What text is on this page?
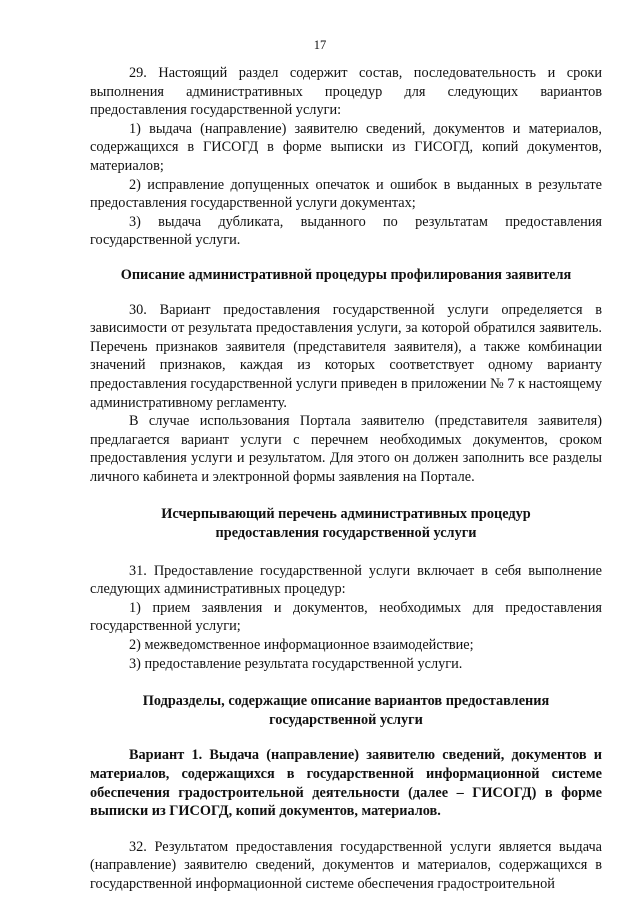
17

29. Настоящий раздел содержит состав, последовательность и сроки выполнения административных процедур для следующих вариантов предоставления государственной услуги:

1) выдача (направление) заявителю сведений, документов и материалов, содержащихся в ГИСОГД в форме выписки из ГИСОГД, копий документов, материалов;

2) исправление допущенных опечаток и ошибок в выданных в результате предоставления государственной услуги документах;

3) выдача дубликата, выданного по результатам предоставления государственной услуги.

Описание административной процедуры профилирования заявителя

30. Вариант предоставления государственной услуги определяется в зависимости от результата предоставления услуги, за которой обратился заявитель. Перечень признаков заявителя (представителя заявителя), а также комбинации значений признаков, каждая из которых соответствует одному варианту предоставления государственной услуги приведен в приложении № 7 к настоящему административному регламенту.

В случае использования Портала заявителю (представителя заявителя) предлагается вариант услуги с перечнем необходимых документов, сроком предоставления услуги и результатом. Для этого он должен заполнить все разделы личного кабинета и электронной формы заявления на Портале.

Исчерпывающий перечень административных процедур

предоставления государственной услуги

31. Предоставление государственной услуги включает в себя выполнение следующих административных процедур:

1) прием заявления и документов, необходимых для предоставления государственной услуги;

2) межведомственное информационное взаимодействие;

3) предоставление результата государственной услуги.

Подразделы, содержащие описание вариантов предоставления

государственной услуги

Вариант 1. Выдача (направление) заявителю сведений, документов и материалов, содержащихся в государственной информационной системе обеспечения градостроительной деятельности (далее – ГИСОГД) в форме выписки из ГИСОГД, копий документов, материалов.

32. Результатом предоставления государственной услуги является выдача (направление) заявителю сведений, документов и материалов, содержащихся в государственной информационной системе обеспечения градостроительной
